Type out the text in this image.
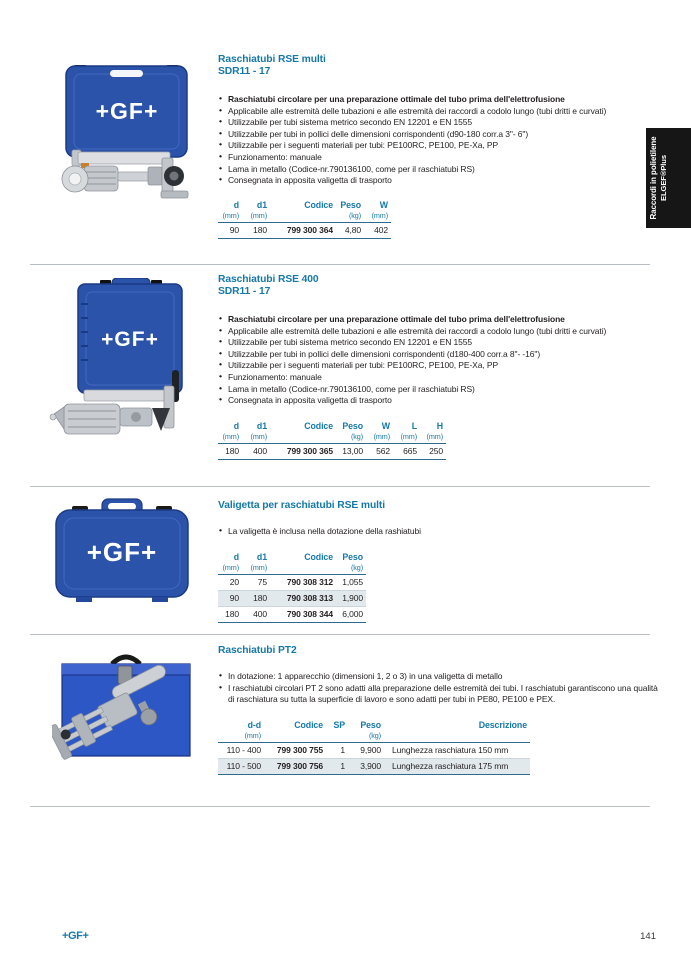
+GF+
Raschiatubi RSE multi
SDR11 - 17
• Raschiatubi circolare per una preparazione ottimale del tubo prima dell'elettrofusione
• Applicabile alle estremità delle tubazioni e alle estremità dei raccordi a codolo lungo (tubi dritti e curvati)
• Utilizzabile per tubi sistema metrico secondo EN 12201 e EN 1555
• Utilizzabile per tubi in pollici delle dimensioni corrispondenti (d90-180 corr.a 3"- 6")
• Utilizzabile per i seguenti materiali per tubi: PE100RC, PE100, PE-Xa, PP
• Funzionamento: manuale
• Lama in metallo (Codice-nr.790136100, come per il raschiatubi RS)
• Consegnata in apposita valigetta di trasporto
d	d1	Codice	Peso	W
(mm)	(mm)		(kg)	(mm)
90	180	799 300 364	4,80	402
+GF+
Raschiatubi RSE 400
SDR11 - 17
• Raschiatubi circolare per una preparazione ottimale del tubo prima dell'elettrofusione
• Applicabile alle estremità delle tubazioni e alle estremità dei raccordi a codolo lungo (tubi dritti e curvati)
• Utilizzabile per tubi sistema metrico secondo EN 12201 e EN 1555
• Utilizzabile per tubi in pollici delle dimensioni corrispondenti (d180-400 corr.a 8"- -16")
• Utilizzabile per i seguenti materiali per tubi: PE100RC, PE100, PE-Xa, PP
• Funzionamento: manuale
• Lama in metallo (Codice-nr.790136100, come per il raschiatubi RS)
• Consegnata in apposita valigetta di trasporto
d	d1	Codice	Peso	W	L	H
(mm)	(mm)		(kg)	(mm)	(mm)	(mm)
180	400	799 300 365	13,00	562	665	250
+GF+
Valigetta per raschiatubi RSE multi
• La valigetta è inclusa nella dotazione della rashiatubi
d	d1	Codice	Peso
(mm)	(mm)		(kg)
20	75	790 308 312	1,055
90	180	790 308 313	1,900
180	400	790 308 344	6,000
Raschiatubi PT2
• In dotazione: 1 apparecchio (dimensioni 1, 2 o 3) in una valigetta di metallo
• I raschiatubi circolari PT 2 sono adatti alla preparazione delle estremità dei tubi. I raschiatubi garantiscono una qualità di raschiatura su tutta la superficie di lavoro e sono adatti per tubi in PE80, PE100 e PEX.
d-d	Codice	SP	Peso	Descrizione
(mm)			(kg)	
110 - 400	799 300 755	1	9,900	Lunghezza raschiatura 150 mm
110 - 500	799 300 756	1	3,900	Lunghezza raschiatura 175 mm
Raccordi in polietilene ELGEF®Plus
+GF+	141
